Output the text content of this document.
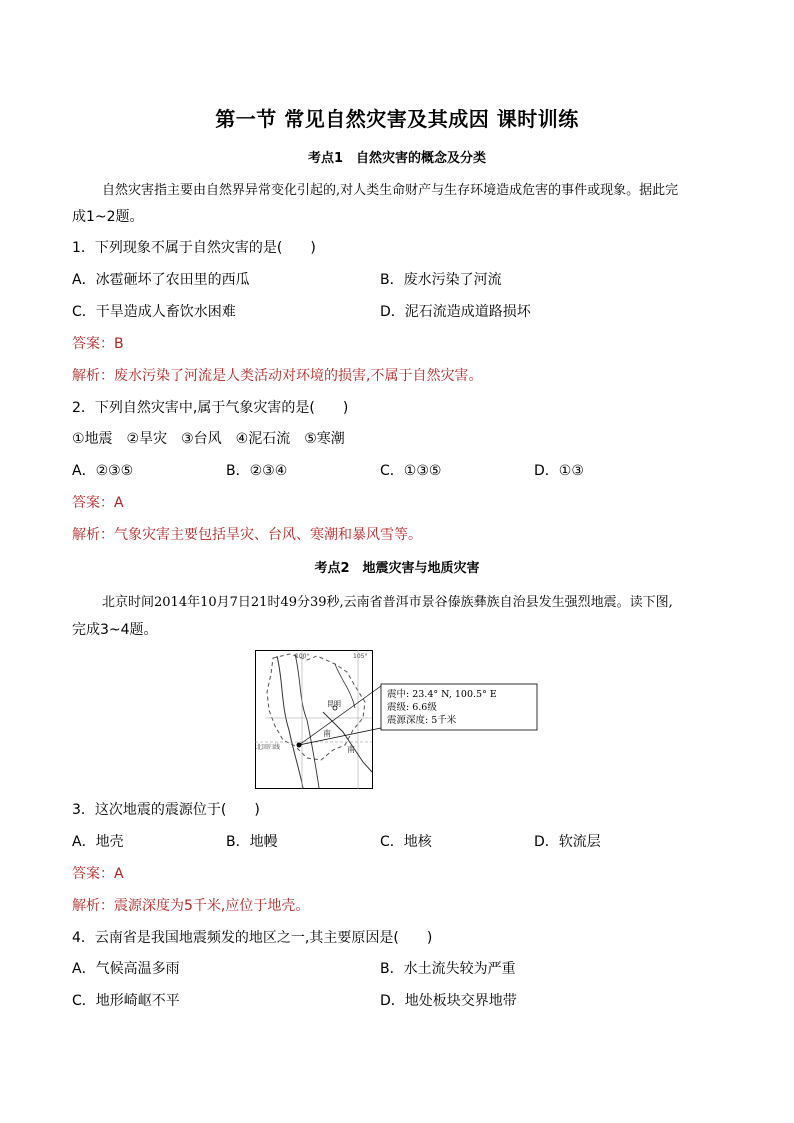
第一节 常见自然灾害及其成因 课时训练
考点1　自然灾害的概念及分类
自然灾害指主要由自然界异常变化引起的,对人类生命财产与生存环境造成危害的事件或现象。据此完
成1~2题。
1．下列现象不属于自然灾害的是(　　)
A．冰雹砸坏了农田里的西瓜	B．废水污染了河流
C．干旱造成人畜饮水困难	D．泥石流造成道路损坏
答案：B
解析：废水污染了河流是人类活动对环境的损害,不属于自然灾害。
2．下列自然灾害中,属于气象灾害的是(　　)
①地震　②旱灾　③台风　④泥石流　⑤寒潮
A．②③⑤	B．②③④	C．①③⑤	D．①③
答案：A
解析：气象灾害主要包括旱灾、台风、寒潮和暴风雪等。
考点2　地震灾害与地质灾害
北京时间2014年10月7日21时49分39秒,云南省普洱市景谷傣族彝族自治县发生强烈地震。读下图,
完成3~4题。
100°	105°
昆明
南
南
北回归线
震中: 23.4° N, 100.5° E
震级: 6.6级
震源深度: 5千米
3．这次地震的震源位于(　　)
A．地壳	B．地幔	C．地核	D．软流层
答案：A
解析：震源深度为5千米,应位于地壳。
4．云南省是我国地震频发的地区之一,其主要原因是(　　)
A．气候高温多雨	B．水土流失较为严重
C．地形崎岖不平	D．地处板块交界地带
